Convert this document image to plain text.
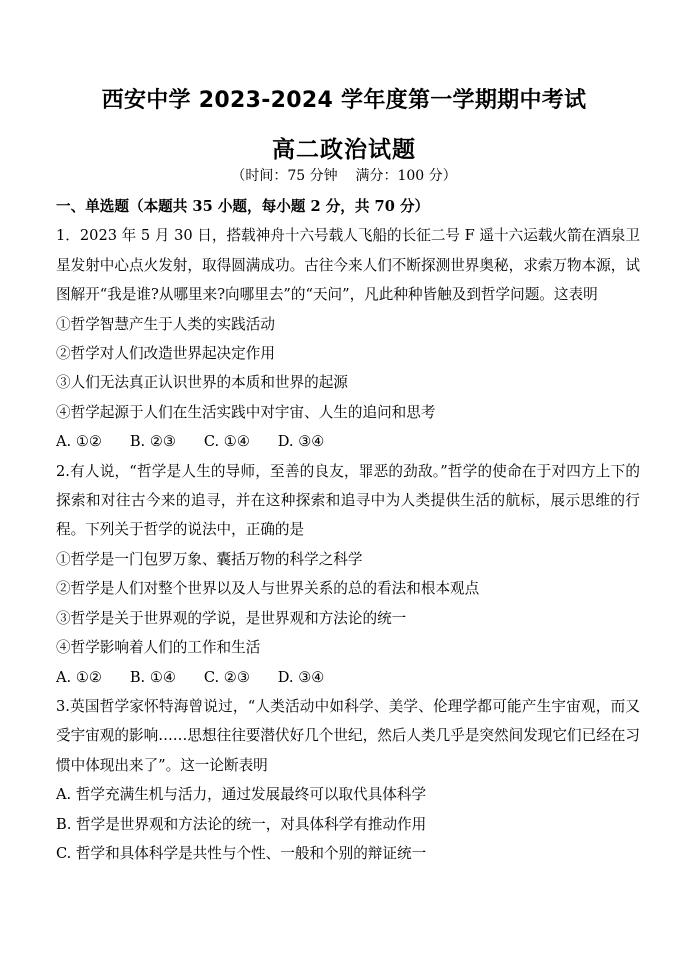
西安中学 2023-2024 学年度第一学期期中考试
高二政治试题
（时间：75 分钟    满分：100 分）
一、单选题（本题共 35 小题，每小题 2 分，共 70 分）
1．2023 年 5 月 30 日，搭载神舟十六号载人飞船的长征二号 F 遥十六运载火箭在酒泉卫星发射中心点火发射，取得圆满成功。古往今来人们不断探测世界奥秘，求索万物本源，试图解开“我是谁?从哪里来?向哪里去”的“天问”，凡此种种皆触及到哲学问题。这表明
①哲学智慧产生于人类的实践活动
②哲学对人们改造世界起决定作用
③人们无法真正认识世界的本质和世界的起源
④哲学起源于人们在生活实践中对宇宙、人生的追问和思考
A. ①②      B. ②③      C. ①④      D. ③④
2.有人说，“哲学是人生的导师，至善的良友，罪恶的劲敌。”哲学的使命在于对四方上下的探索和对往古今来的追寻，并在这种探索和追寻中为人类提供生活的航标，展示思维的行程。下列关于哲学的说法中，正确的是
①哲学是一门包罗万象、囊括万物的科学之科学
②哲学是人们对整个世界以及人与世界关系的总的看法和根本观点
③哲学是关于世界观的学说，是世界观和方法论的统一
④哲学影响着人们的工作和生活
A. ①②      B. ①④      C. ②③      D. ③④
3.英国哲学家怀特海曾说过，“人类活动中如科学、美学、伦理学都可能产生宇宙观，而又受宇宙观的影响……思想往往要潜伏好几个世纪，然后人类几乎是突然间发现它们已经在习惯中体现出来了”。这一论断表明
A. 哲学充满生机与活力，通过发展最终可以取代具体科学
B. 哲学是世界观和方法论的统一，对具体科学有推动作用
C. 哲学和具体科学是共性与个性、一般和个别的辩证统一
